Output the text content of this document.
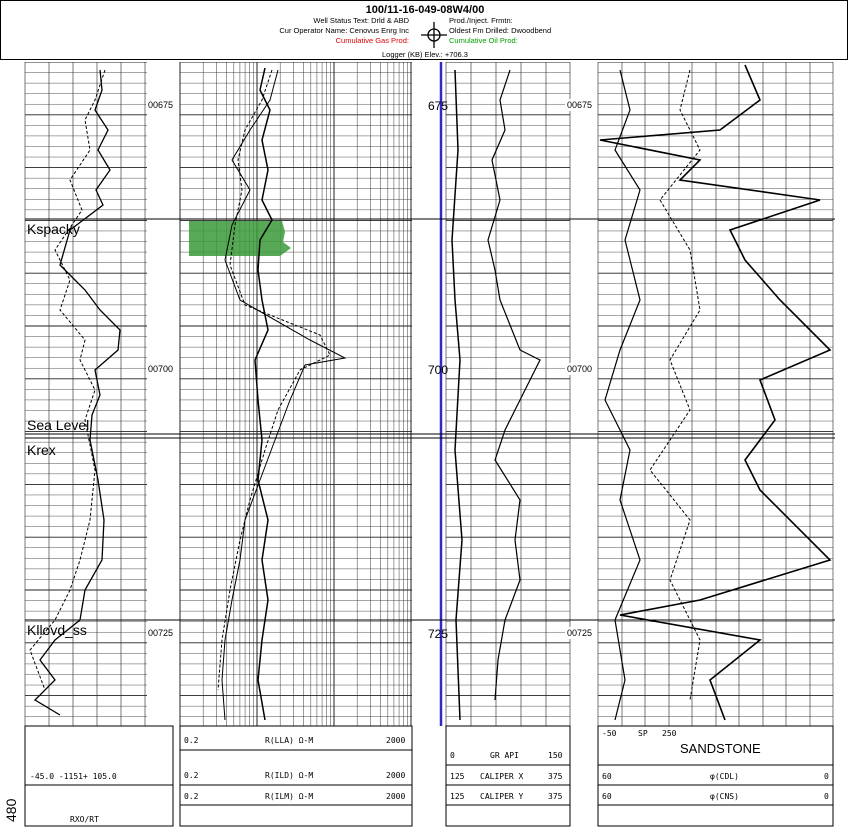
100/11-16-049-08W4/00
Well Status Text: Drld & ABD
Cur Operator Name: Cenovus Enrg Inc
Cumulative Gas Prod:
Prod./Inject. Frmtn:
Oldest Fm Drilled: Dwoodbend
Cumulative Oil Prod:
Logger (KB) Elev.: +706.3
Kspacky
Sea Level
Krex
Kllovd_ss
00675
00700
00725
00675
00700
00725
675
700
725
-45.0 -1151+ 105.0
RXO/RT
0.2	R(LLA) Ω-M	2000
0.2	R(ILD) Ω-M	2000
0.2	R(ILM) Ω-M	2000
0	GR API	150
125 CALIPER X	375
125 CALIPER Y	375
-50	SP 250
60	φ(CDL)	0
60	φ(CNS)	0
SANDSTONE
480
